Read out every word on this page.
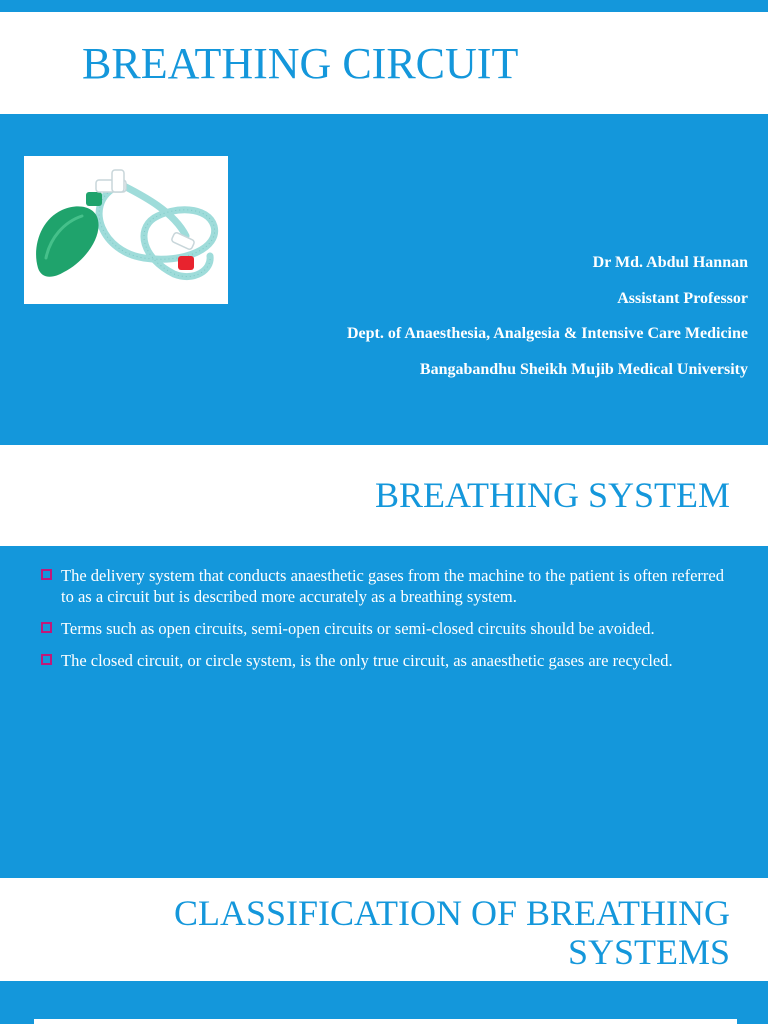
BREATHING CIRCUIT
Dr Md. Abdul Hannan
Assistant Professor
Dept. of Anaesthesia, Analgesia & Intensive Care Medicine
Bangabandhu Sheikh Mujib Medical University
BREATHING SYSTEM
The delivery system that conducts anaesthetic gases from the machine to the patient is often referred to as a circuit but is described more accurately as a breathing system.
Terms such as open circuits, semi-open circuits or semi-closed circuits should be avoided.
The closed circuit, or circle system, is the only true circuit, as anaesthetic gases are recycled.
CLASSIFICATION OF BREATHING
SYSTEMS
